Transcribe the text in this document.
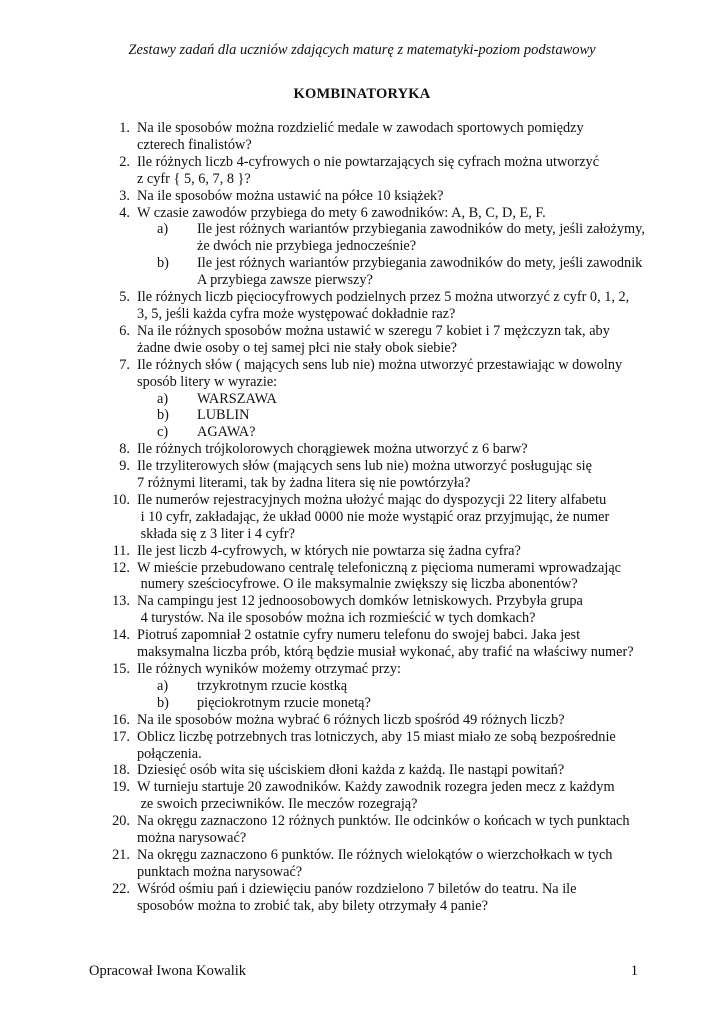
Zestawy zadań dla uczniów zdających maturę z matematyki-poziom podstawowy
KOMBINATORYKA
1. Na ile sposobów można rozdzielić medale w zawodach sportowych pomiędzy
czterech finalistów?
2. Ile różnych liczb 4-cyfrowych o nie powtarzających się cyfrach można utworzyć
z cyfr { 5, 6, 7, 8 }?
3. Na ile sposobów można ustawić na półce 10 książek?
4. W czasie zawodów przybiega do mety 6 zawodników: A, B, C, D, E, F.
a)	Ile jest różnych wariantów przybiegania zawodników do mety, jeśli założymy,
że dwóch nie przybiega jednocześnie?
b)	Ile jest różnych wariantów przybiegania zawodników do mety, jeśli zawodnik
A przybiega zawsze pierwszy?
5. Ile różnych liczb pięciocyfrowych podzielnych przez 5 można utworzyć z cyfr 0, 1, 2,
3, 5, jeśli każda cyfra może występować dokładnie raz?
6. Na ile różnych sposobów można ustawić w szeregu 7 kobiet i 7 mężczyzn tak, aby
żadne dwie osoby o tej samej płci nie stały obok siebie?
7. Ile różnych słów ( mających sens lub nie) można utworzyć przestawiając w dowolny
sposób litery w wyrazie:
a)	WARSZAWA
b)	LUBLIN
c)	AGAWA?
8. Ile różnych trójkolorowych chorągiewek można utworzyć z 6 barw?
9. Ile trzyliterowych słów (mających sens lub nie) można utworzyć posługując się
7 różnymi literami, tak by żadna litera się nie powtórzyła?
10. Ile numerów rejestracyjnych można ułożyć mając do dyspozycji 22 litery alfabetu
i 10 cyfr, zakładając, że układ 0000 nie może wystąpić oraz przyjmując, że numer
składa się z 3 liter i 4 cyfr?
11. Ile jest liczb 4-cyfrowych, w których nie powtarza się żadna cyfra?
12. W mieście przebudowano centralę telefoniczną z pięcioma numerami wprowadzając
numery sześciocyfrowe. O ile maksymalnie zwiększy się liczba abonentów?
13. Na campingu jest 12 jednoosobowych domków letniskowych. Przybyła grupa
4 turystów. Na ile sposobów można ich rozmieścić w tych domkach?
14. Piotruś zapomniał 2 ostatnie cyfry numeru telefonu do swojej babci. Jaka jest
maksymalna liczba prób, którą będzie musiał wykonać, aby trafić na właściwy numer?
15. Ile różnych wyników możemy otrzymać przy:
a)	trzykrotnym rzucie kostką
b)	pięciokrotnym rzucie monetą?
16. Na ile sposobów można wybrać 6 różnych liczb spośród 49 różnych liczb?
17. Oblicz liczbę potrzebnych tras lotniczych, aby 15 miast miało ze sobą bezpośrednie
połączenia.
18. Dziesięć osób wita się uściskiem dłoni każda z każdą. Ile nastąpi powitań?
19. W turnieju startuje 20 zawodników. Każdy zawodnik rozegra jeden mecz z każdym
ze swoich przeciwników. Ile meczów rozegrają?
20. Na okręgu zaznaczono 12 różnych punktów. Ile odcinków o końcach w tych punktach
można narysować?
21. Na okręgu zaznaczono 6 punktów. Ile różnych wielokątów o wierzchołkach w tych
punktach można narysować?
22. Wśród ośmiu pań i dziewięciu panów rozdzielono 7 biletów do teatru. Na ile
sposobów można to zrobić tak, aby bilety otrzymały 4 panie?
Opracował Iwona Kowalik	1
